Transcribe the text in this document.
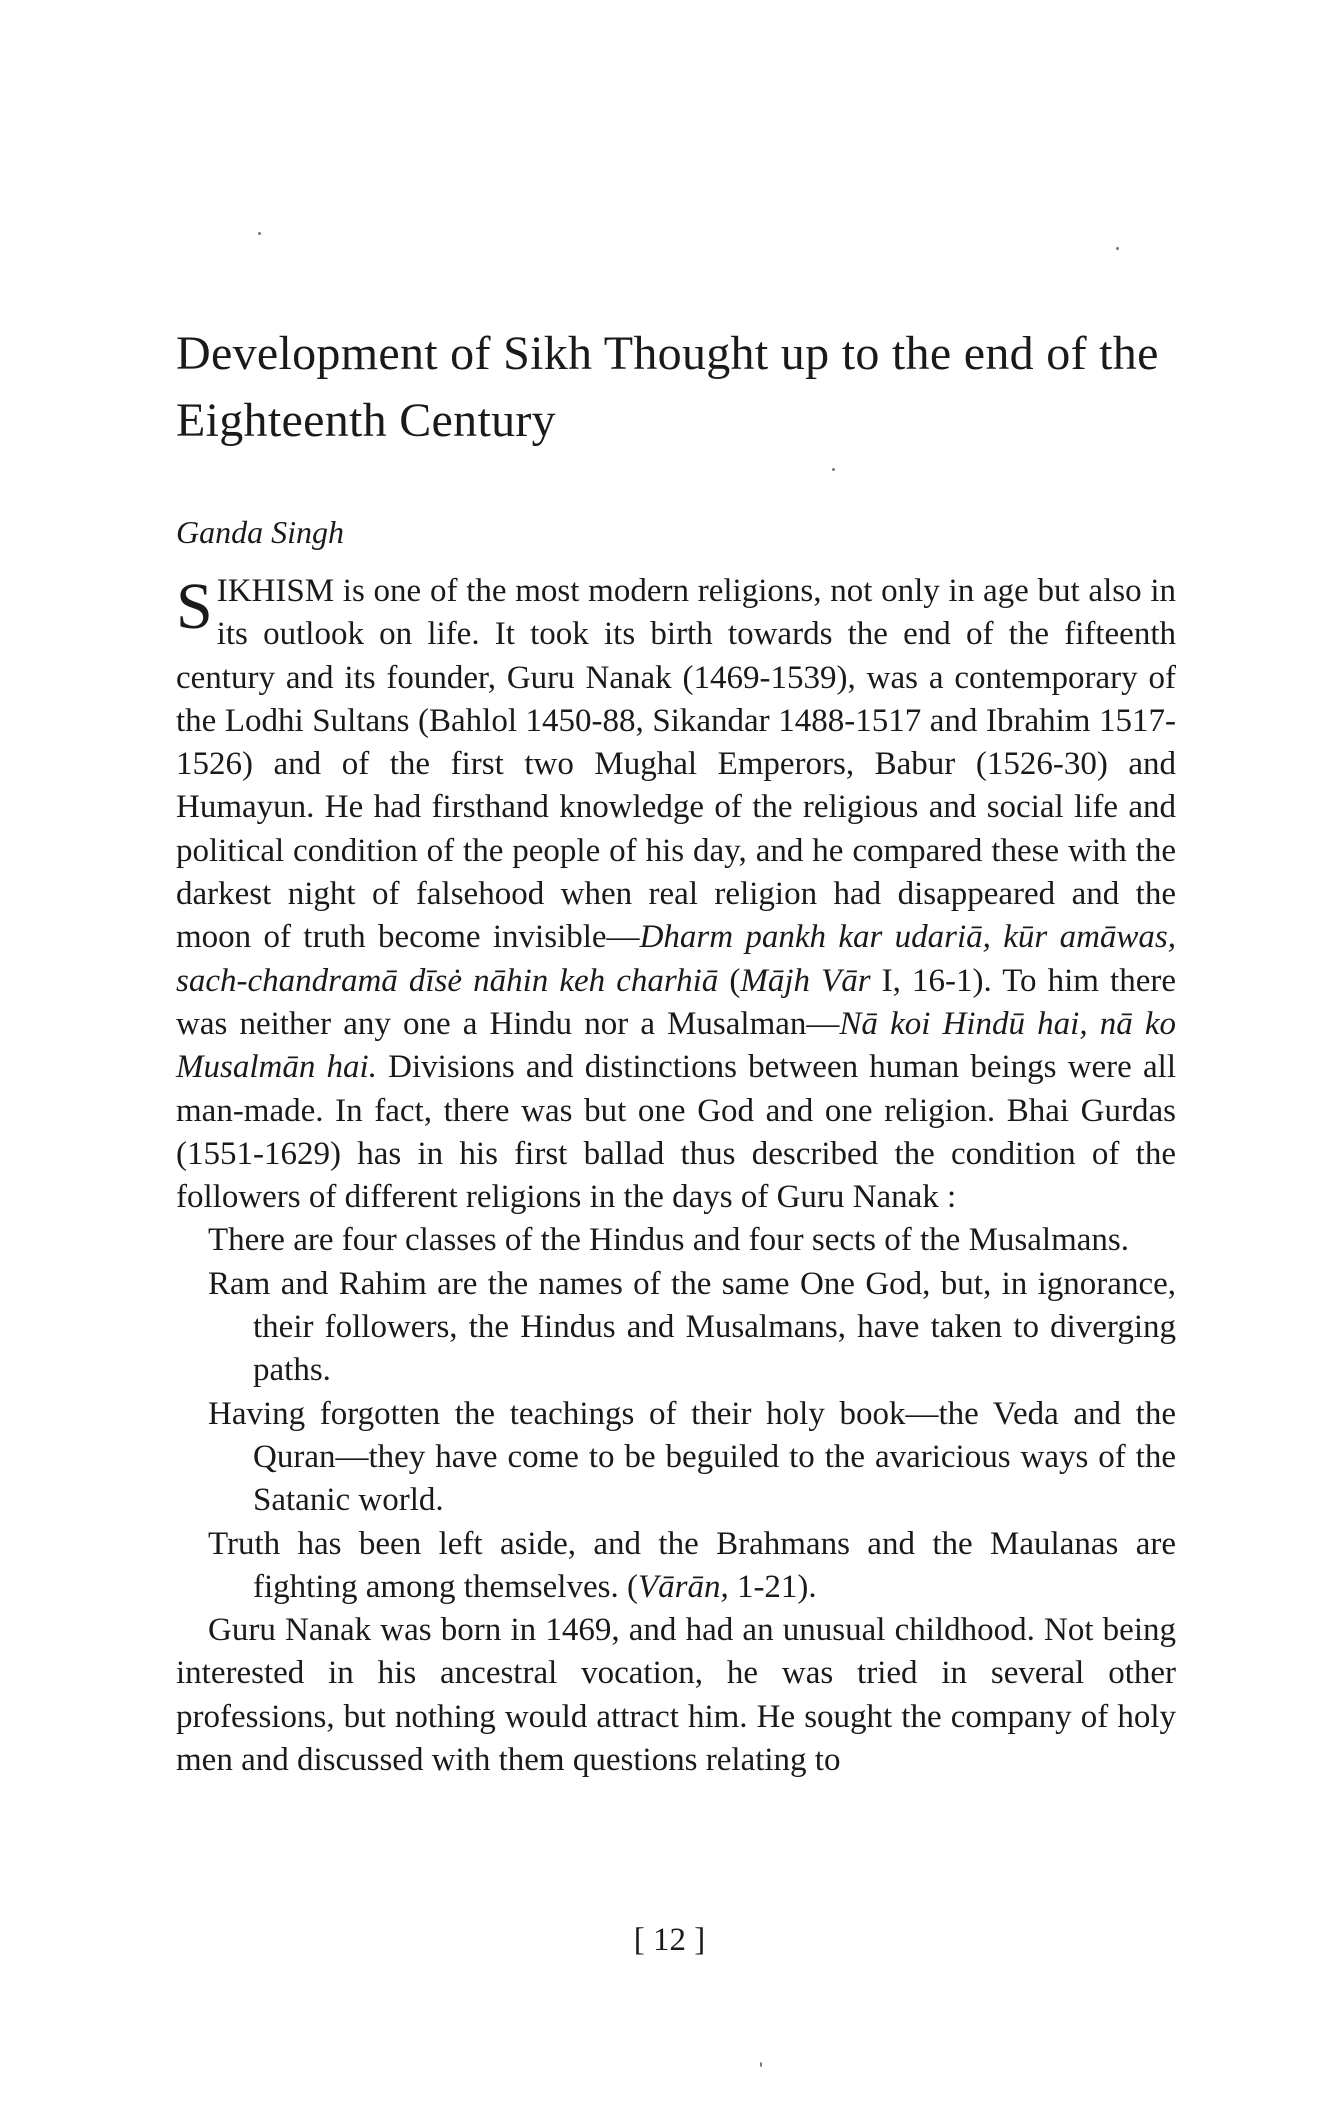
Development of Sikh Thought up to the end of the Eighteenth Century

Ganda Singh

SIKHISM is one of the most modern religions, not only in age but also in its outlook on life. It took its birth towards the end of the fifteenth century and its founder, Guru Nanak (1469-1539), was a contemporary of the Lodhi Sultans (Bahlol 1450-88, Sikandar 1488-1517 and Ibrahim 1517-1526) and of the first two Mughal Emperors, Babur (1526-30) and Humayun. He had firsthand knowledge of the religious and social life and political condition of the people of his day, and he compared these with the darkest night of falsehood when real religion had disappeared and the moon of truth become invisible—Dharm pankh kar udariā, kūr amāwas, sach-chandramā dīsė nāhin keh charhiā (Mājh Vār I, 16-1). To him there was neither any one a Hindu nor a Musalman—Nā koi Hindū hai, nā ko Musalmān hai. Divisions and distinctions between human beings were all man-made. In fact, there was but one God and one religion. Bhai Gurdas (1551-1629) has in his first ballad thus described the condition of the followers of different religions in the days of Guru Nanak :

There are four classes of the Hindus and four sects of the Musalmans.
Ram and Rahim are the names of the same One God, but, in ignorance, their followers, the Hindus and Musalmans, have taken to diverging paths.
Having forgotten the teachings of their holy book—the Veda and the Quran—they have come to be beguiled to the avaricious ways of the Satanic world.
Truth has been left aside, and the Brahmans and the Maulanas are fighting among themselves. (Vārān, 1-21).

Guru Nanak was born in 1469, and had an unusual childhood. Not being interested in his ancestral vocation, he was tried in several other professions, but nothing would attract him. He sought the company of holy men and discussed with them questions relating to

[ 12 ]
